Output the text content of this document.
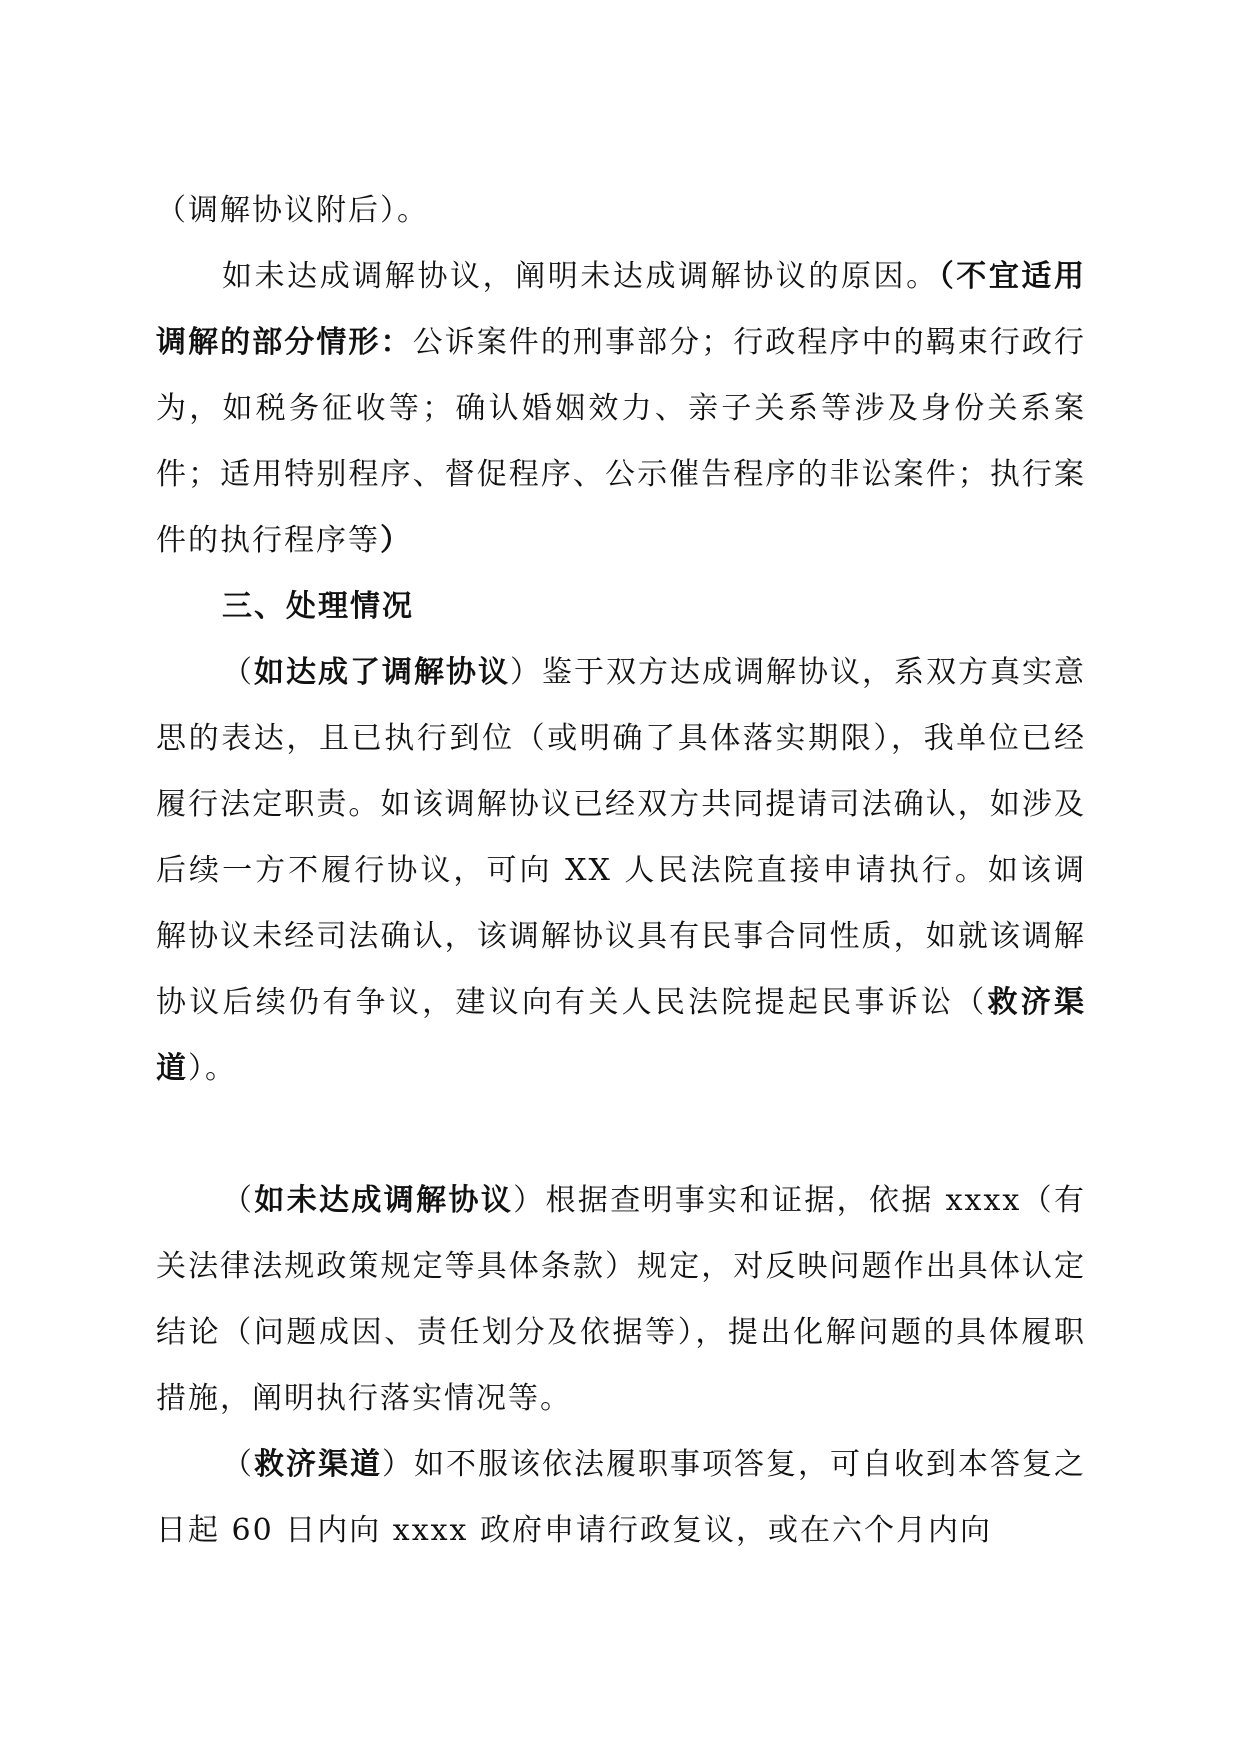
（调解协议附后）。

如未达成调解协议，阐明未达成调解协议的原因。（不宜适用调解的部分情形：公诉案件的刑事部分；行政程序中的羁束行政行为，如税务征收等；确认婚姻效力、亲子关系等涉及身份关系案件；适用特别程序、督促程序、公示催告程序的非讼案件；执行案件的执行程序等）

三、处理情况

（如达成了调解协议）鉴于双方达成调解协议，系双方真实意思的表达，且已执行到位（或明确了具体落实期限），我单位已经履行法定职责。如该调解协议已经双方共同提请司法确认，如涉及后续一方不履行协议，可向 XX 人民法院直接申请执行。如该调解协议未经司法确认，该调解协议具有民事合同性质，如就该调解协议后续仍有争议，建议向有关人民法院提起民事诉讼（救济渠道）。

（如未达成调解协议）根据查明事实和证据，依据 xxxx（有关法律法规政策规定等具体条款）规定，对反映问题作出具体认定结论（问题成因、责任划分及依据等），提出化解问题的具体履职措施，阐明执行落实情况等。

（救济渠道）如不服该依法履职事项答复，可自收到本答复之日起 60 日内向 xxxx 政府申请行政复议，或在六个月内向
